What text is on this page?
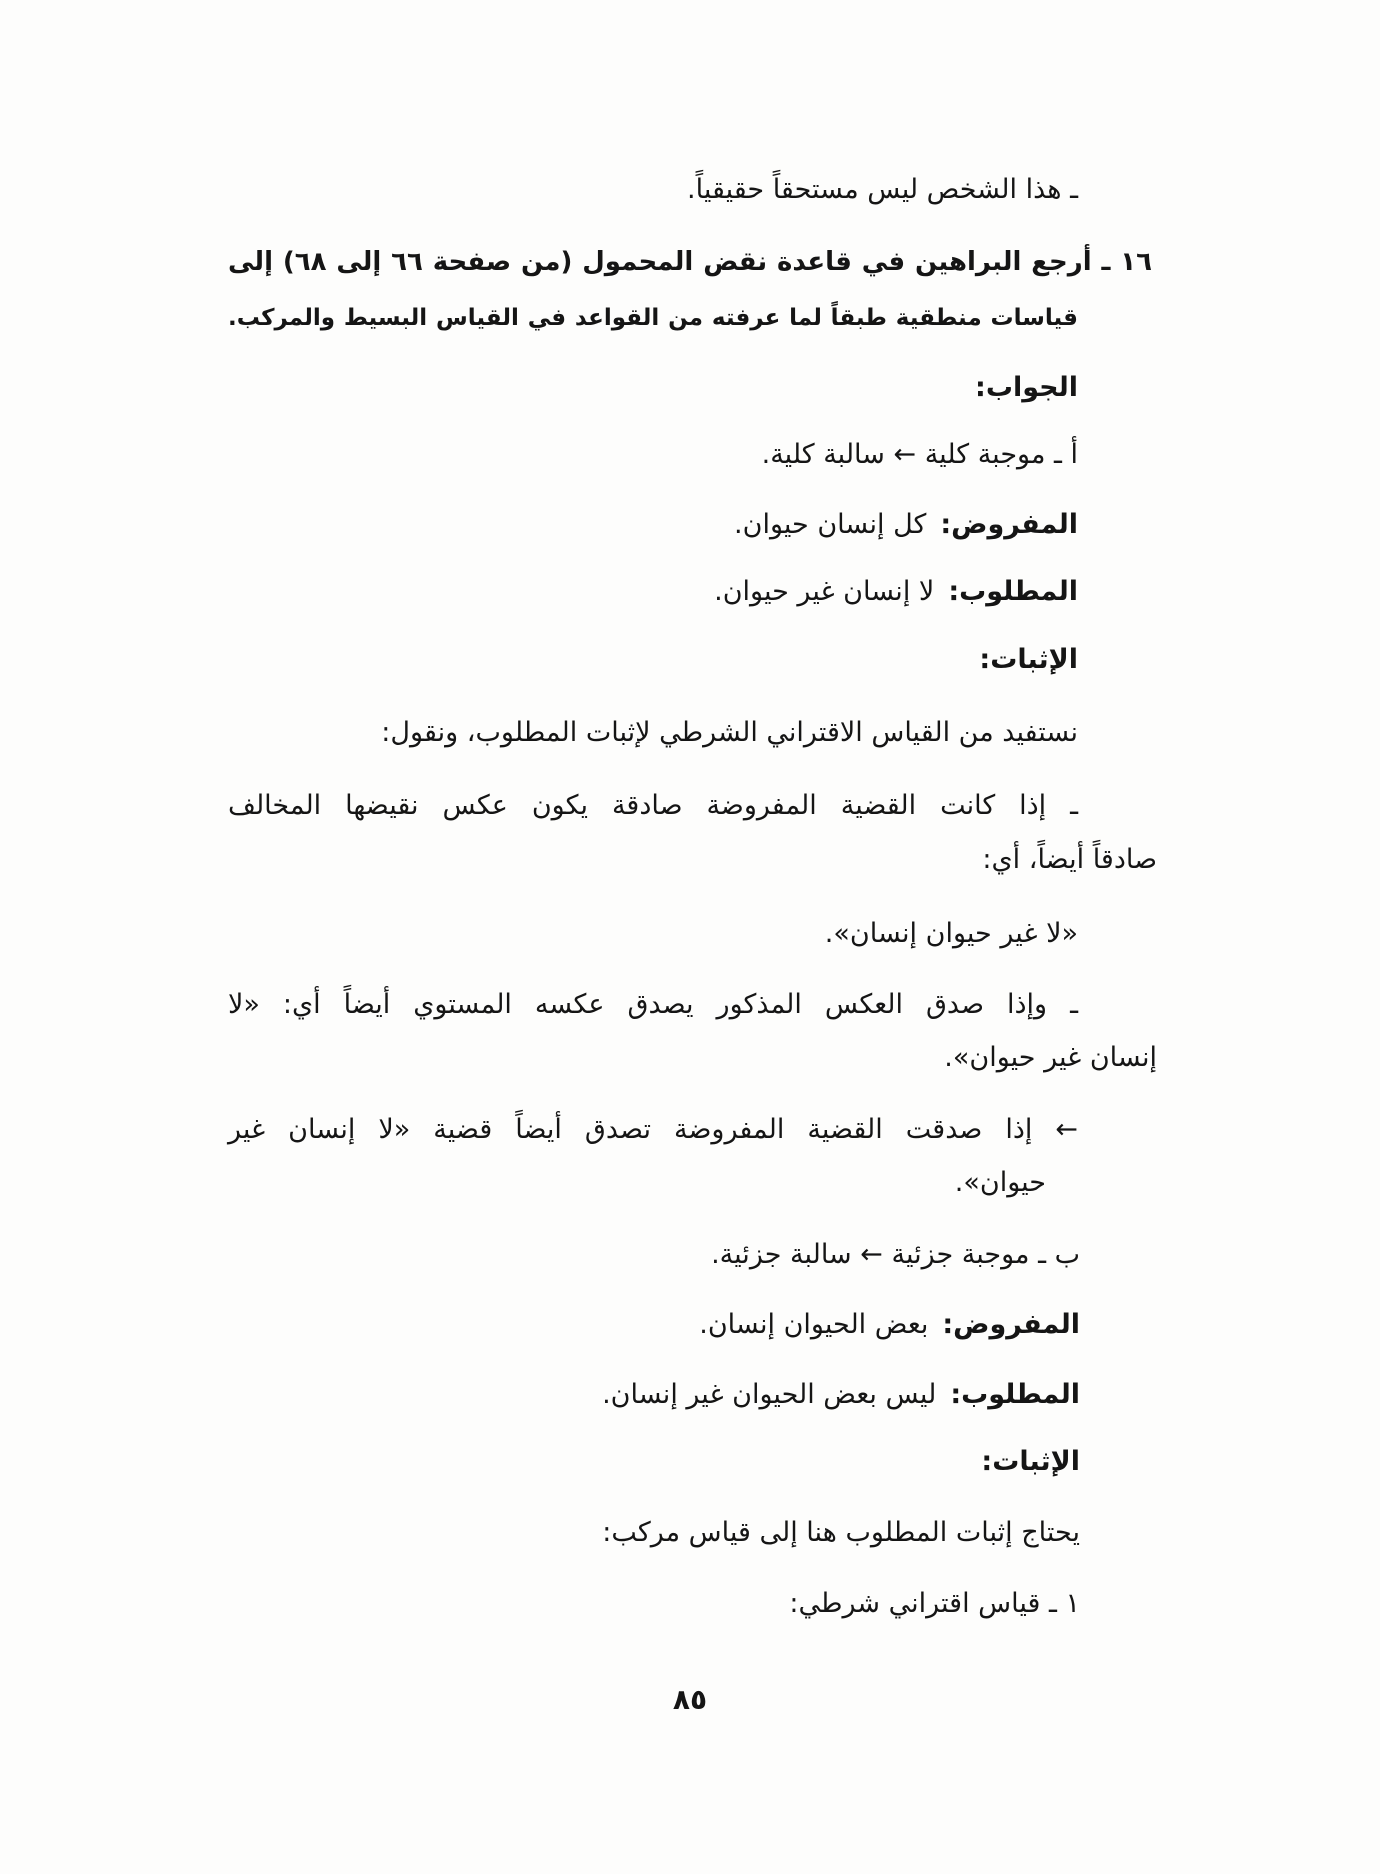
ـ هذا الشخص ليس مستحقاً حقيقياً.
١٦ ـ أرجع البراهين في قاعدة نقض المحمول (من صفحة ٦٦ إلى ٦٨) إلى
قياسات منطقية طبقاً لما عرفته من القواعد في القياس البسيط والمركب.
الجواب:
أ ـ موجبة كلية ← سالبة كلية.
المفروض:كل إنسان حيوان.
المطلوب:لا إنسان غير حيوان.
الإثبات:
نستفيد من القياس الاقتراني الشرطي لإثبات المطلوب، ونقول:
ـ إذا كانت القضية المفروضة صادقة يكون عكس نقيضها المخالف
صادقاً أيضاً، أي:
«لا غير حيوان إنسان».
ـ وإذا صدق العكس المذكور يصدق عكسه المستوي أيضاً أي: «لا
إنسان غير حيوان».
← إذا صدقت القضية المفروضة تصدق أيضاً قضية «لا إنسان غير
حيوان».
ب ـ موجبة جزئية ← سالبة جزئية.
المفروض:بعض الحيوان إنسان.
المطلوب:ليس بعض الحيوان غير إنسان.
الإثبات:
يحتاج إثبات المطلوب هنا إلى قياس مركب:
١ ـ قياس اقتراني شرطي:
٨٥
